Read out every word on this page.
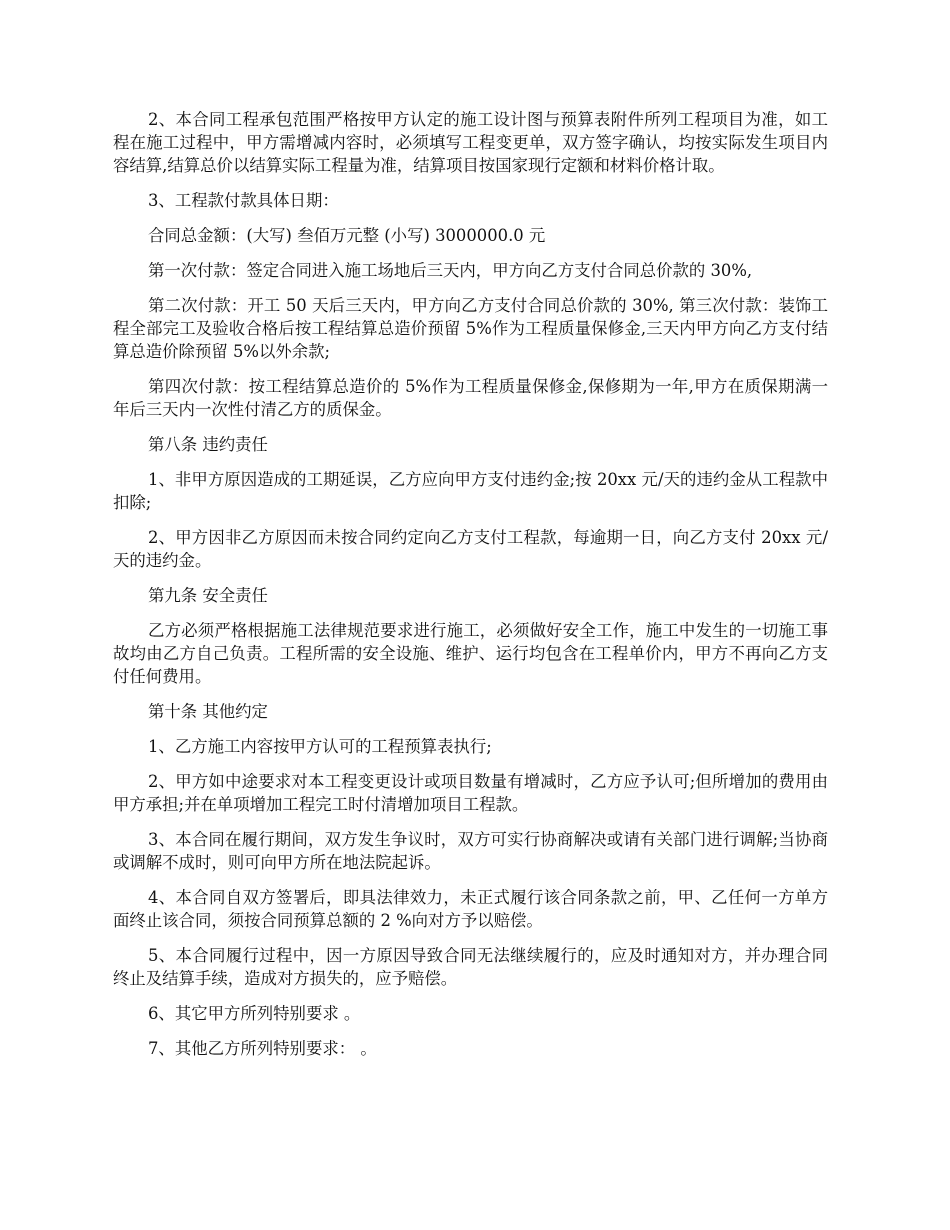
2、本合同工程承包范围严格按甲方认定的施工设计图与预算表附件所列工程项目为准，如工程在施工过程中，甲方需增减内容时，必须填写工程变更单，双方签字确认，均按实际发生项目内容结算,结算总价以结算实际工程量为准，结算项目按国家现行定额和材料价格计取。

3、工程款付款具体日期：

合同总金额：(大写) 叁佰万元整 (小写) 3000000.0 元

第一次付款：签定合同进入施工场地后三天内，甲方向乙方支付合同总价款的 30%,

第二次付款：开工 50 天后三天内，甲方向乙方支付合同总价款的 30%, 第三次付款：装饰工程全部完工及验收合格后按工程结算总造价预留 5%作为工程质量保修金,三天内甲方向乙方支付结算总造价除预留 5%以外余款;

第四次付款：按工程结算总造价的 5%作为工程质量保修金,保修期为一年,甲方在质保期满一年后三天内一次性付清乙方的质保金。

第八条 违约责任

1、非甲方原因造成的工期延误，乙方应向甲方支付违约金;按 20xx 元/天的违约金从工程款中扣除;

2、甲方因非乙方原因而未按合同约定向乙方支付工程款，每逾期一日，向乙方支付 20xx 元/天的违约金。

第九条 安全责任

乙方必须严格根据施工法律规范要求进行施工，必须做好安全工作，施工中发生的一切施工事故均由乙方自己负责。工程所需的安全设施、维护、运行均包含在工程单价内，甲方不再向乙方支付任何费用。

第十条 其他约定

1、乙方施工内容按甲方认可的工程预算表执行;

2、甲方如中途要求对本工程变更设计或项目数量有增减时，乙方应予认可;但所增加的费用由甲方承担;并在单项增加工程完工时付清增加项目工程款。

3、本合同在履行期间，双方发生争议时，双方可实行协商解决或请有关部门进行调解;当协商或调解不成时，则可向甲方所在地法院起诉。

4、本合同自双方签署后，即具法律效力，未正式履行该合同条款之前，甲、乙任何一方单方面终止该合同，须按合同预算总额的 2 %向对方予以赔偿。

5、本合同履行过程中，因一方原因导致合同无法继续履行的，应及时通知对方，并办理合同终止及结算手续，造成对方损失的，应予赔偿。

6、其它甲方所列特别要求 。

7、其他乙方所列特别要求： 。
